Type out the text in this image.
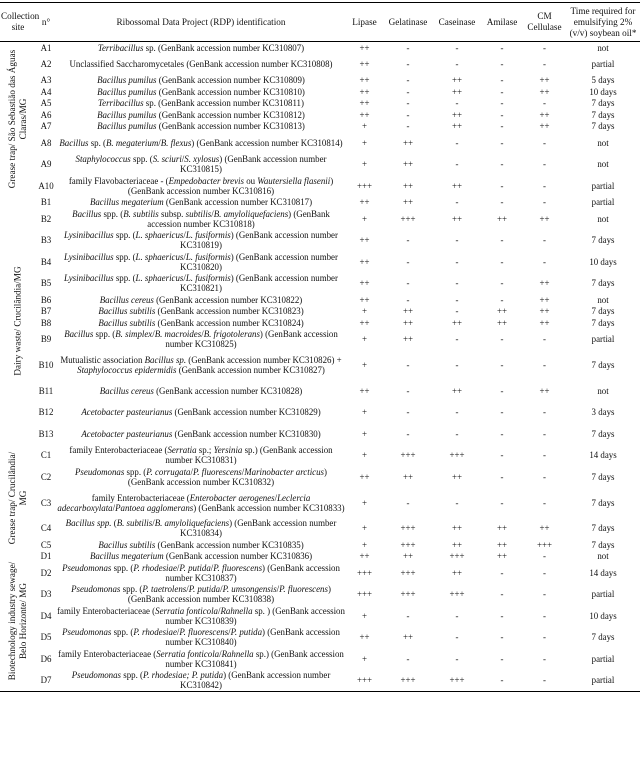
Collection site	n°	Ribossomal Data Project (RDP) identification	Lipase	Gelatinase	Caseinase	Amilase	CM Cellulase	Time required for emulsifying 2% (v/v) soybean oil*

Grease trap/ São Sebastião das Águas Claras/MG	A1	Terribacillus sp. (GenBank accession number KC310807)	++	-	-	-	-	not
	A2	Unclassified Saccharomycetales (GenBank accession number KC310808)	++	-	-	-	-	partial
	A3	Bacillus pumilus (GenBank accession number KC310809)	++	-	++	-	++	5 days
	A4	Bacillus pumilus (GenBank accession number KC310810)	++	-	++	-	++	10 days
	A5	Terribacillus sp. (GenBank accession number KC310811)	++	-	-	-	-	7 days
	A6	Bacillus pumilus (GenBank accession number KC310812)	++	-	++	-	++	7 days
	A7	Bacillus pumilus (GenBank accession number KC310813)	+	-	++	-	++	7 days
	A8	Bacillus sp. (B. megaterium/B. flexus) (GenBank accession number KC310814)	+	++	-	-	-	not
	A9	Staphylococcus spp. (S. sciuri/S. xylosus) (GenBank accession number KC310815)	+	++	-	-	-	not
	A10	family Flavobacteriaceae - (Empedobacter brevis ou Wautersiella flasenii) (GenBank accession number KC310816)	+++	++	++	-	-	partial

Dairy waste/ Crucilândia/MG	B1	Bacillus megaterium (GenBank accession number KC310817)	++	++	-	-	-	partial
	B2	Bacillus spp. (B. subtilis subsp. subtilis/B. amyloliquefaciens) (GenBank accession number KC310818)	+	+++	++	++	++	not
	B3	Lysinibacillus spp. (L. sphaericus/L. fusiformis) (GenBank accession number KC310819)	++	-	-	-	-	7 days
	B4	Lysinibacillus spp. (L. sphaericus/L. fusiformis) (GenBank accession number KC310820)	++	-	-	-	-	10 days
	B5	Lysinibacillus spp. (L. sphaericus/L. fusiformis) (GenBank accession number KC310821)	++	-	-	-	++	7 days
	B6	Bacillus cereus (GenBank accession number KC310822)	++	-	-	-	++	not
	B7	Bacillus subtilis (GenBank accession number KC310823)	+	++	-	++	++	7 days
	B8	Bacillus subtilis (GenBank accession number KC310824)	++	++	++	++	++	7 days
	B9	Bacillus spp. (B. simplex/B. macroides/B. frigotolerans) (GenBank accession number KC310825)	+	++	-	-	-	partial
	B10	Mutualistic association Bacillus sp. (GenBank accession number KC310826) + Staphylococcus epidermidis (GenBank accession number KC310827)	+	-	-	-	-	7 days
	B11	Bacillus cereus (GenBank accession number KC310828)	++	-	++	-	++	not
	B12	Acetobacter pasteurianus (GenBank accession number KC310829)	+	-	-	-	-	3 days
	B13	Acetobacter pasteurianus (GenBank accession number KC310830)	+	-	-	-	-	7 days

Grease trap/ Crucilândia/ MG	C1	family Enterobacteriaceae (Serratia sp.; Yersinia sp.) (GenBank accession number KC310831)	+	+++	+++	-	-	14 days
	C2	Pseudomonas spp. (P. corrugata/P. fluorescens/Marinobacter arcticus) (GenBank accession number KC310832)	++	++	++	-	-	7 days
	C3	family Enterobacteriaceae (Enterobacter aerogenes/Leclercia adecarboxylata/Pantoea agglomerans) (GenBank accession number KC310833)	+	-	-	-	-	7 days
	C4	Bacillus spp. (B. subtilis/B. amyloliquefaciens) (GenBank accession number KC310834)	+	+++	++	++	++	7 days
	C5	Bacillus subtilis (GenBank accession number KC310835)	+	+++	++	++	+++	7 days

Biotechnology industry sewage/ Belo Horizonte/ MG	D1	Bacillus megaterium (GenBank accession number KC310836)	++	++	+++	++	-	not
	D2	Pseudomonas spp. (P. rhodesiae/P. putida/P. fluorescens) (GenBank accession number KC310837)	+++	+++	++	-	-	14 days
	D3	Pseudomonas spp. (P. taetrolens/P. putida/P. umsongensis/P. fluorescens) (GenBank accession number KC310838)	+++	+++	+++	-	-	partial
	D4	family Enterobacteriaceae (Serratia fonticola/Rahnella sp. ) (GenBank accession number KC310839)	+	-	-	-	-	10 days
	D5	Pseudomonas spp. (P. rhodesiae/P. fluorescens/P. putida) (GenBank accession number KC310840)	++	++	-	-	-	7 days
	D6	family Enterobacteriaceae (Serratia fonticola/Rahnella sp.) (GenBank accession number KC310841)	+	-	-	-	-	partial
	D7	Pseudomonas spp. (P. rhodesiae; P. putida) (GenBank accession number KC310842)	+++	+++	+++	-	-	partial
